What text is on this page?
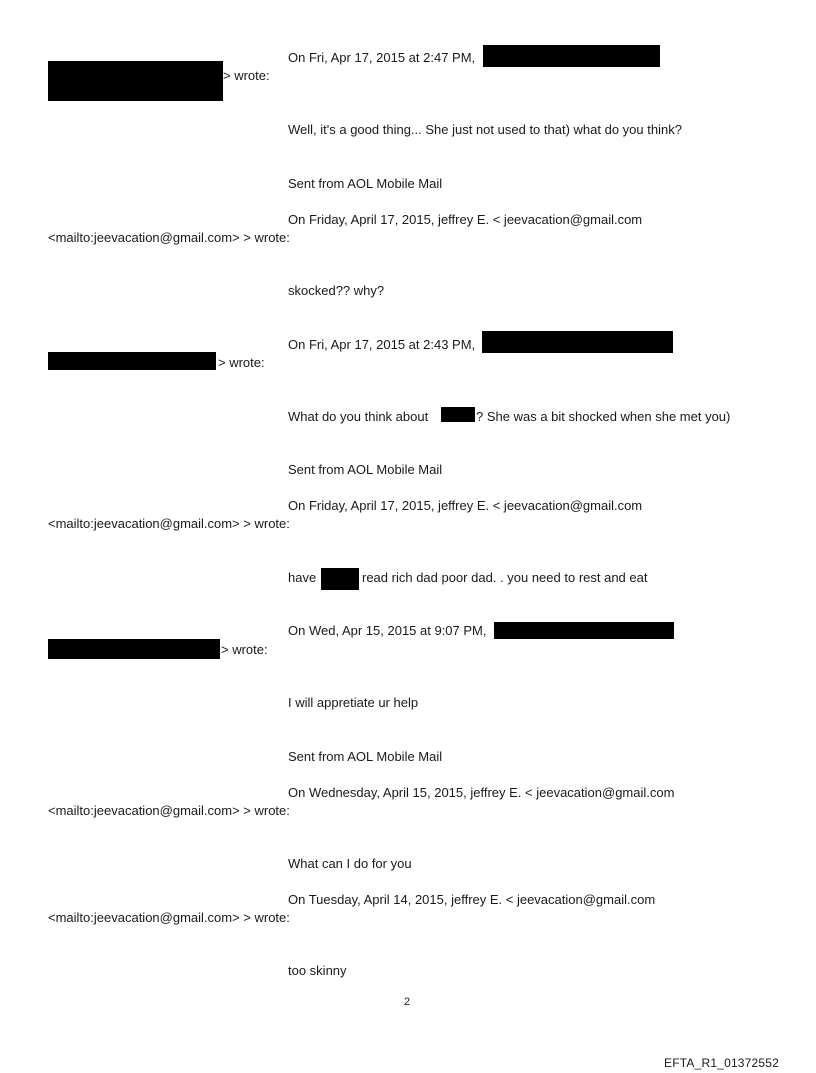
On Fri, Apr 17, 2015 at 2:47 PM,
> wrote:
Well, it's a good thing... She just not used to that) what do you think?
Sent from AOL Mobile Mail
On Friday, April 17, 2015, jeffrey E. < jeevacation@gmail.com
<mailto:jeevacation@gmail.com> > wrote:
skocked?? why?
On Fri, Apr 17, 2015 at 2:43 PM,
> wrote:
What do you think about	? She was a bit shocked when she met you)
Sent from AOL Mobile Mail
On Friday, April 17, 2015, jeffrey E. < jeevacation@gmail.com
<mailto:jeevacation@gmail.com> > wrote:
have	read rich dad poor dad. . you need to rest and eat
On Wed, Apr 15, 2015 at 9:07 PM,
> wrote:
I will appretiate ur help
Sent from AOL Mobile Mail
On Wednesday, April 15, 2015, jeffrey E. < jeevacation@gmail.com
<mailto:jeevacation@gmail.com> > wrote:
What can I do for you
On Tuesday, April 14, 2015, jeffrey E. < jeevacation@gmail.com
<mailto:jeevacation@gmail.com> > wrote:
too skinny
2
EFTA_R1_01372552
